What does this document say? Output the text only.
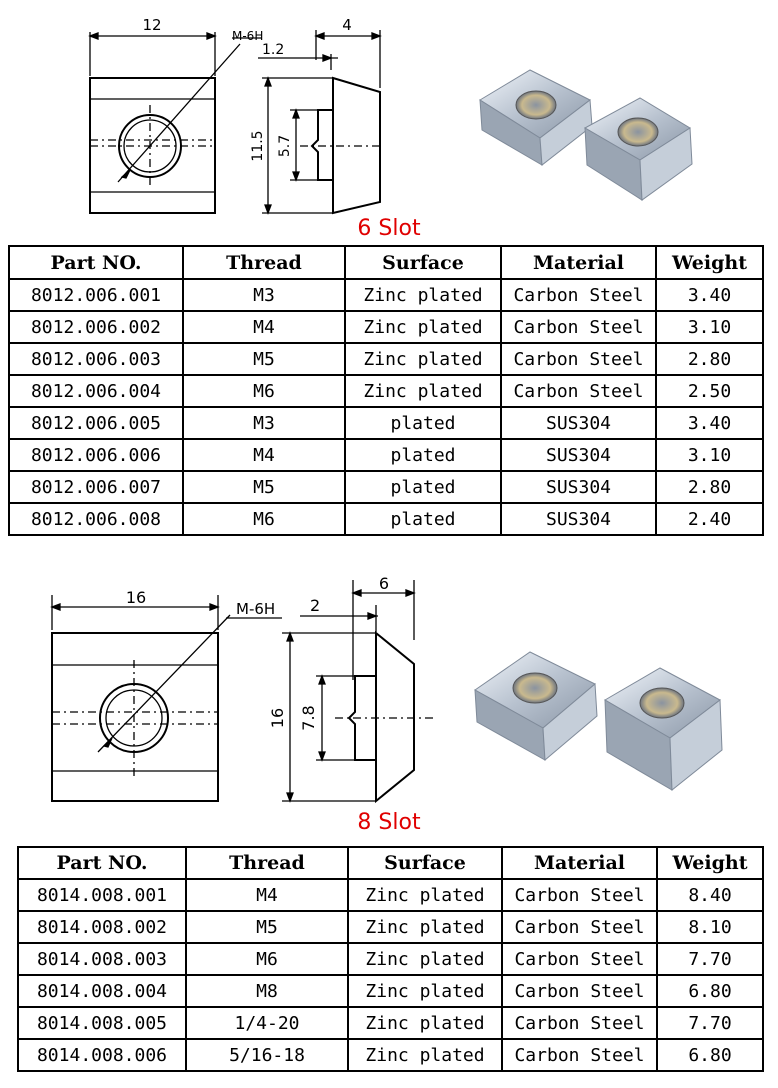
12
M-6H
4
1.2
11.5 5.7
6 Slot
Part NO.	Thread	Surface	Material	Weight
8012.006.001	M3	Zinc plated	Carbon Steel	3.40
8012.006.002	M4	Zinc plated	Carbon Steel	3.10
8012.006.003	M5	Zinc plated	Carbon Steel	2.80
8012.006.004	M6	Zinc plated	Carbon Steel	2.50
8012.006.005	M3	plated	SUS304	3.40
8012.006.006	M4	plated	SUS304	3.10
8012.006.007	M5	plated	SUS304	2.80
8012.006.008	M6	plated	SUS304	2.40
16
M-6H
6
2
16 7.8
8 Slot
Part NO.	Thread	Surface	Material	Weight
8014.008.001	M4	Zinc plated	Carbon Steel	8.40
8014.008.002	M5	Zinc plated	Carbon Steel	8.10
8014.008.003	M6	Zinc plated	Carbon Steel	7.70
8014.008.004	M8	Zinc plated	Carbon Steel	6.80
8014.008.005	1/4-20	Zinc plated	Carbon Steel	7.70
8014.008.006	5/16-18	Zinc plated	Carbon Steel	6.80
